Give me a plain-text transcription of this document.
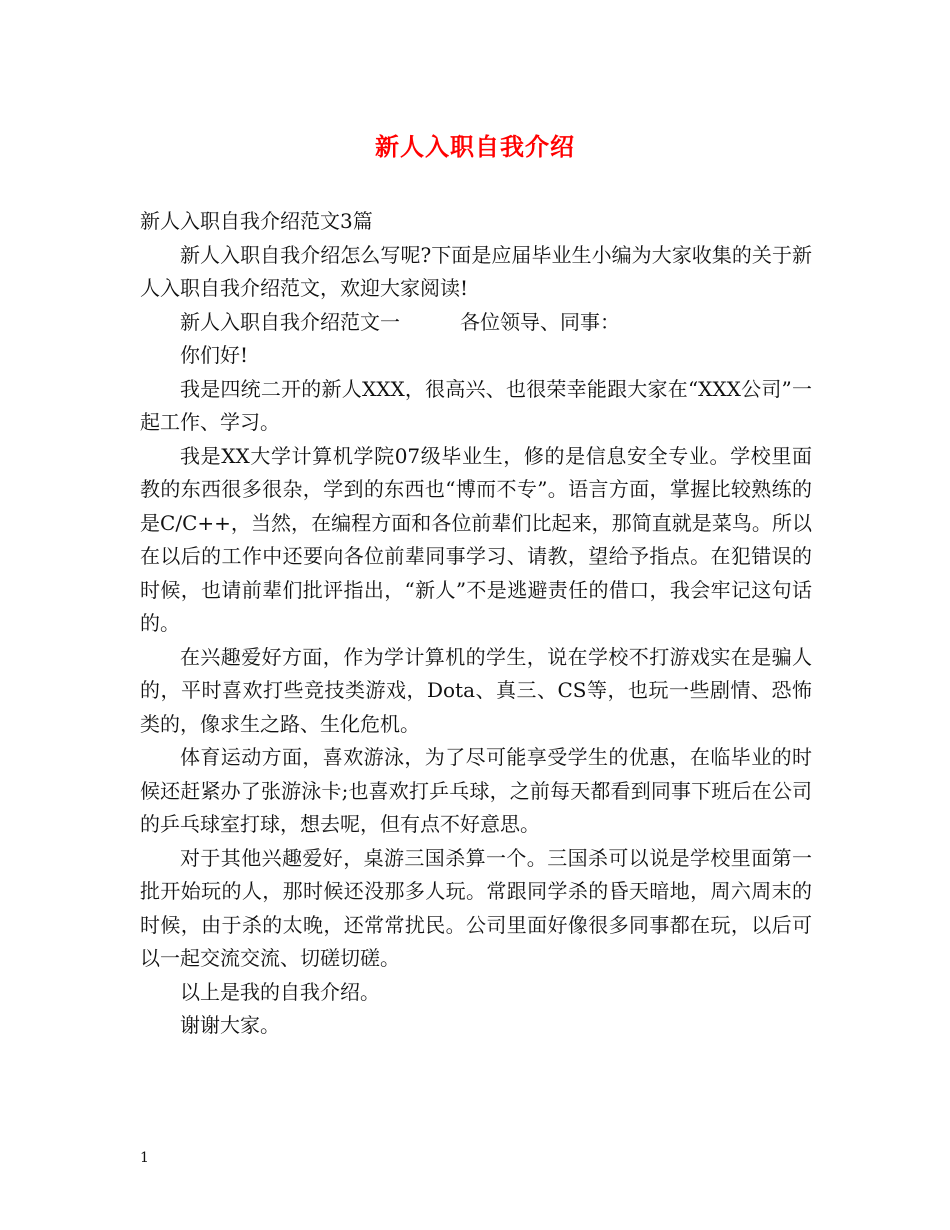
新人入职自我介绍

新人入职自我介绍范文3篇

新人入职自我介绍怎么写呢?下面是应届毕业生小编为大家收集的关于新人入职自我介绍范文，欢迎大家阅读!

新人入职自我介绍范文一　　　各位领导、同事：

你们好!

我是四统二开的新人XXX，很高兴、也很荣幸能跟大家在“XXX公司”一起工作、学习。

我是XX大学计算机学院07级毕业生，修的是信息安全专业。学校里面教的东西很多很杂，学到的东西也“博而不专”。语言方面，掌握比较熟练的是C/C++，当然，在编程方面和各位前辈们比起来，那简直就是菜鸟。所以在以后的工作中还要向各位前辈同事学习、请教，望给予指点。在犯错误的时候，也请前辈们批评指出，“新人”不是逃避责任的借口，我会牢记这句话的。

在兴趣爱好方面，作为学计算机的学生，说在学校不打游戏实在是骗人的，平时喜欢打些竞技类游戏，Dota、真三、CS等，也玩一些剧情、恐怖类的，像求生之路、生化危机。

体育运动方面，喜欢游泳，为了尽可能享受学生的优惠，在临毕业的时候还赶紧办了张游泳卡;也喜欢打乒乓球，之前每天都看到同事下班后在公司的乒乓球室打球，想去呢，但有点不好意思。

对于其他兴趣爱好，桌游三国杀算一个。三国杀可以说是学校里面第一批开始玩的人，那时候还没那多人玩。常跟同学杀的昏天暗地，周六周末的时候，由于杀的太晚，还常常扰民。公司里面好像很多同事都在玩，以后可以一起交流交流、切磋切磋。

以上是我的自我介绍。

谢谢大家。

1
